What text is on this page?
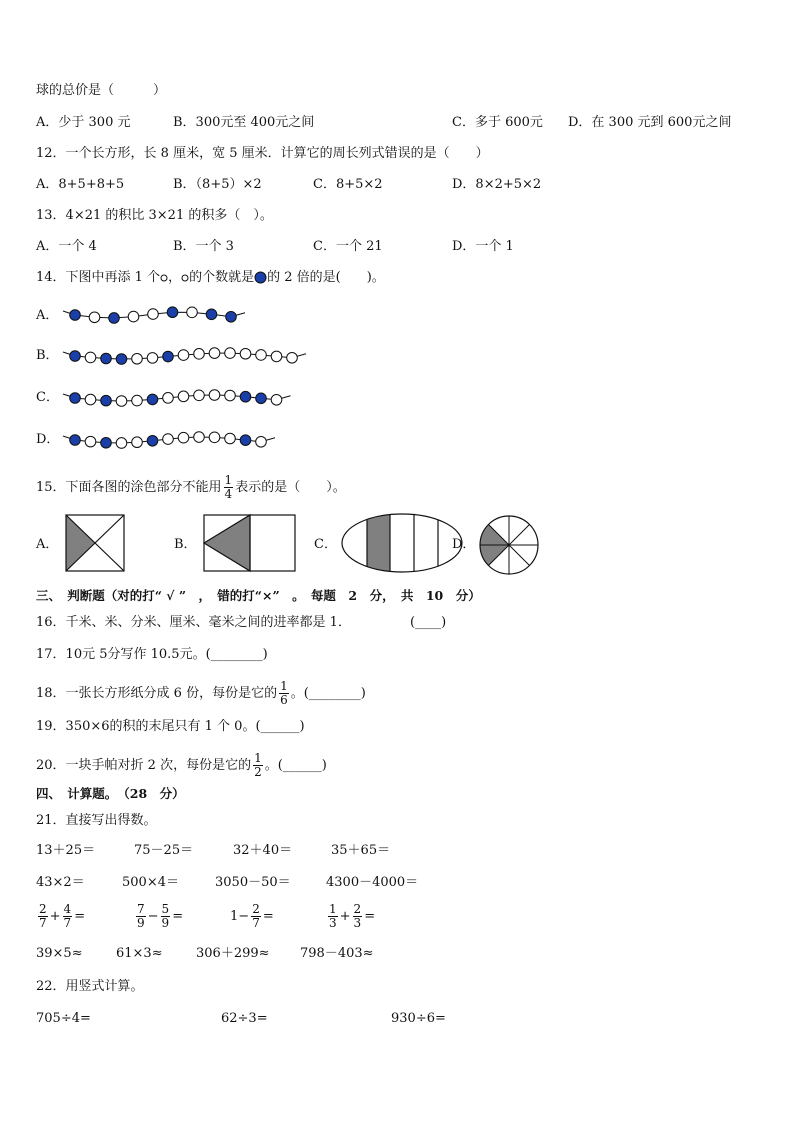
球的总价是（　　　）
A．少于 300 元	B．300元至 400元之间	C．多于 600元 D．在 300 元到 600元之间
12．一个长方形，长 8 厘米，宽 5 厘米．计算它的周长列式错误的是（　　）
A．8+5+8+5	B．（8+5）×2	C．8+5×2	D．8×2+5×2
13．4×21 的积比 3×21 的积多（　）。
A．一个 4	B．一个 3	C．一个 21	D．一个 1
14．下图中再添 1 个 ， 的个数就是 的 2 倍的是(　　)。
A．
B．
C．
D．
15．下面各图的涂色部分不能用 $\frac{1}{4}$ 表示的是（　　）。
A．	B．	C．	D．
三、　判断题（对的打“ √ ”　，　错的打“×”　。　每题　2　分，　共　10　分）
16．千米、米、分米、厘米、毫米之间的进率都是 1．	(____)
17．10元 5分写作 10.5元。(________)
18．一张长方形纸分成 6 份，每份是它的 $\frac{1}{6}$ 。(________)
19．350×6的积的末尾只有 1 个 0。(______)
20．一块手帕对折 2 次，每份是它的 $\frac{1}{2}$ 。(______)
四、　计算题。　（28　分）
21．直接写出得数。
13＋25＝	75－25＝	32＋40＝	35＋65＝
43×2＝	500×4＝	3050－50＝	4300－4000＝
$\frac{2}{7} + \frac{4}{7}$ =	$\frac{7}{9} - \frac{5}{9}$ =	$1- \frac{2}{7}$ =	$\frac{1}{3} + \frac{2}{3}$ =
39×5≈	61×3≈	306＋299≈ 798－403≈
22．用竖式计算。
705÷4=	62÷3=	930÷6=
